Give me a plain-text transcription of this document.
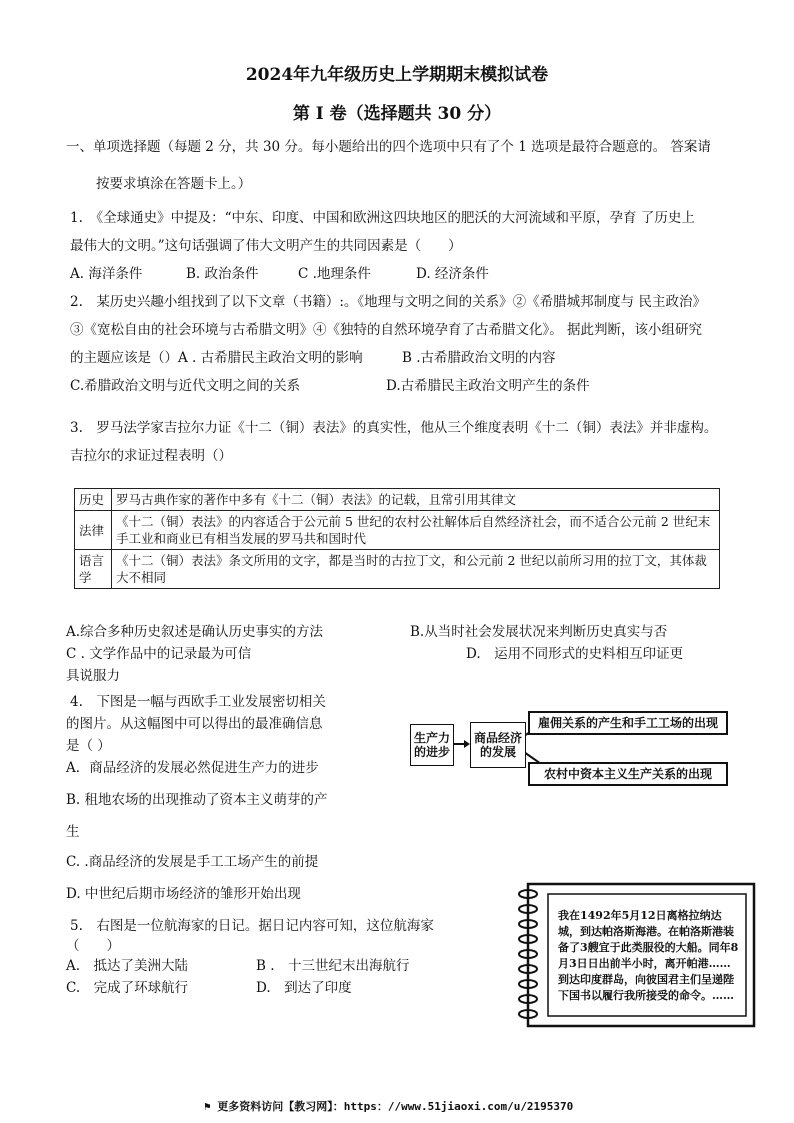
2024年九年级历史上学期期末模拟试卷
第 I 卷（选择题共 30 分）
一、单项选择题（每题 2 分，共 30 分。每小题给出的四个选项中只有了个 1 选项是最符合题意的。 答案请
按要求填涂在答题卡上。）
1.　《全球通史》中提及：“中东、印度、中国和欧洲这四块地区的肥沃的大河流域和平原，孕育 了历史上
最伟大的文明。”这句话强调了伟大文明产生的共同因素是（　　）
A. 海洋条件	B. 政治条件	C .地理条件	D. 经济条件
2.　某历史兴趣小组找到了以下文章（书籍）:。《地理与文明之间的关系》②《希腊城邦制度与 民主政治》
③《宽松自由的社会环境与古希腊文明》④《独特的自然环境孕育了古希腊文化》。 据此判断，该小组研究
的主题应该是（）A . 古希腊民主政治文明的影响	B .古希腊政治文明的内容
C.希腊政治文明与近代文明之间的关系	D.古希腊民主政治文明产生的条件
3.　罗马法学家吉拉尔力证《十二（铜）表法》的真实性，他从三个维度表明《十二（铜）表法》并非虚构。
吉拉尔的求证过程表明（）
历史	罗马古典作家的著作中多有《十二（铜）表法》的记载，且常引用其律文
法律	《十二（铜）表法》的内容适合于公元前 5 世纪的农村公社解体后自然经济社会，而不适合公元前 2 世纪末手工业和商业已有相当发展的罗马共和国时代
语言学	《十二（铜）表法》条文所用的文字，都是当时的古拉丁文，和公元前 2 世纪以前所习用的拉丁文，其体裁大不相同
A.综合多种历史叙述是确认历史事实的方法	B.从当时社会发展状况来判断历史真实与否
C . 文学作品中的记录最为可信	D.　运用不同形式的史料相互印证更
具说服力
4.　下图是一幅与西欧手工业发展密切相关
的图片。从这幅图中可以得出的最准确信息
是（ ）
A．商品经济的发展必然促进生产力的进步
B. 租地农场的出现推动了资本主义萌芽的产
生
C. .商品经济的发展是手工工场产生的前提
D. 中世纪后期市场经济的雏形开始出现
生产力的进步
商品经济的发展
雇佣关系的产生和手工工场的出现
农村中资本主义生产关系的出现
5.　右图是一位航海家的日记。据日记内容可知，这位航海家
（　　）
A.　抵达了美洲大陆	B .　十三世纪末出海航行
C.　完成了环球航行	D.　到达了印度
我在1492年5月12日离格拉纳达城，到达帕洛斯海港。在帕洛斯港装备了3艘宜于此类服役的大船。同年8月3日日出前半小时，离开帕港……到达印度群岛，向彼国君主们呈递陛下国书以履行我所接受的命令。……
⚑ 更多资料访问【教习网】：https：//www.51jiaoxi.com/u/2195370
